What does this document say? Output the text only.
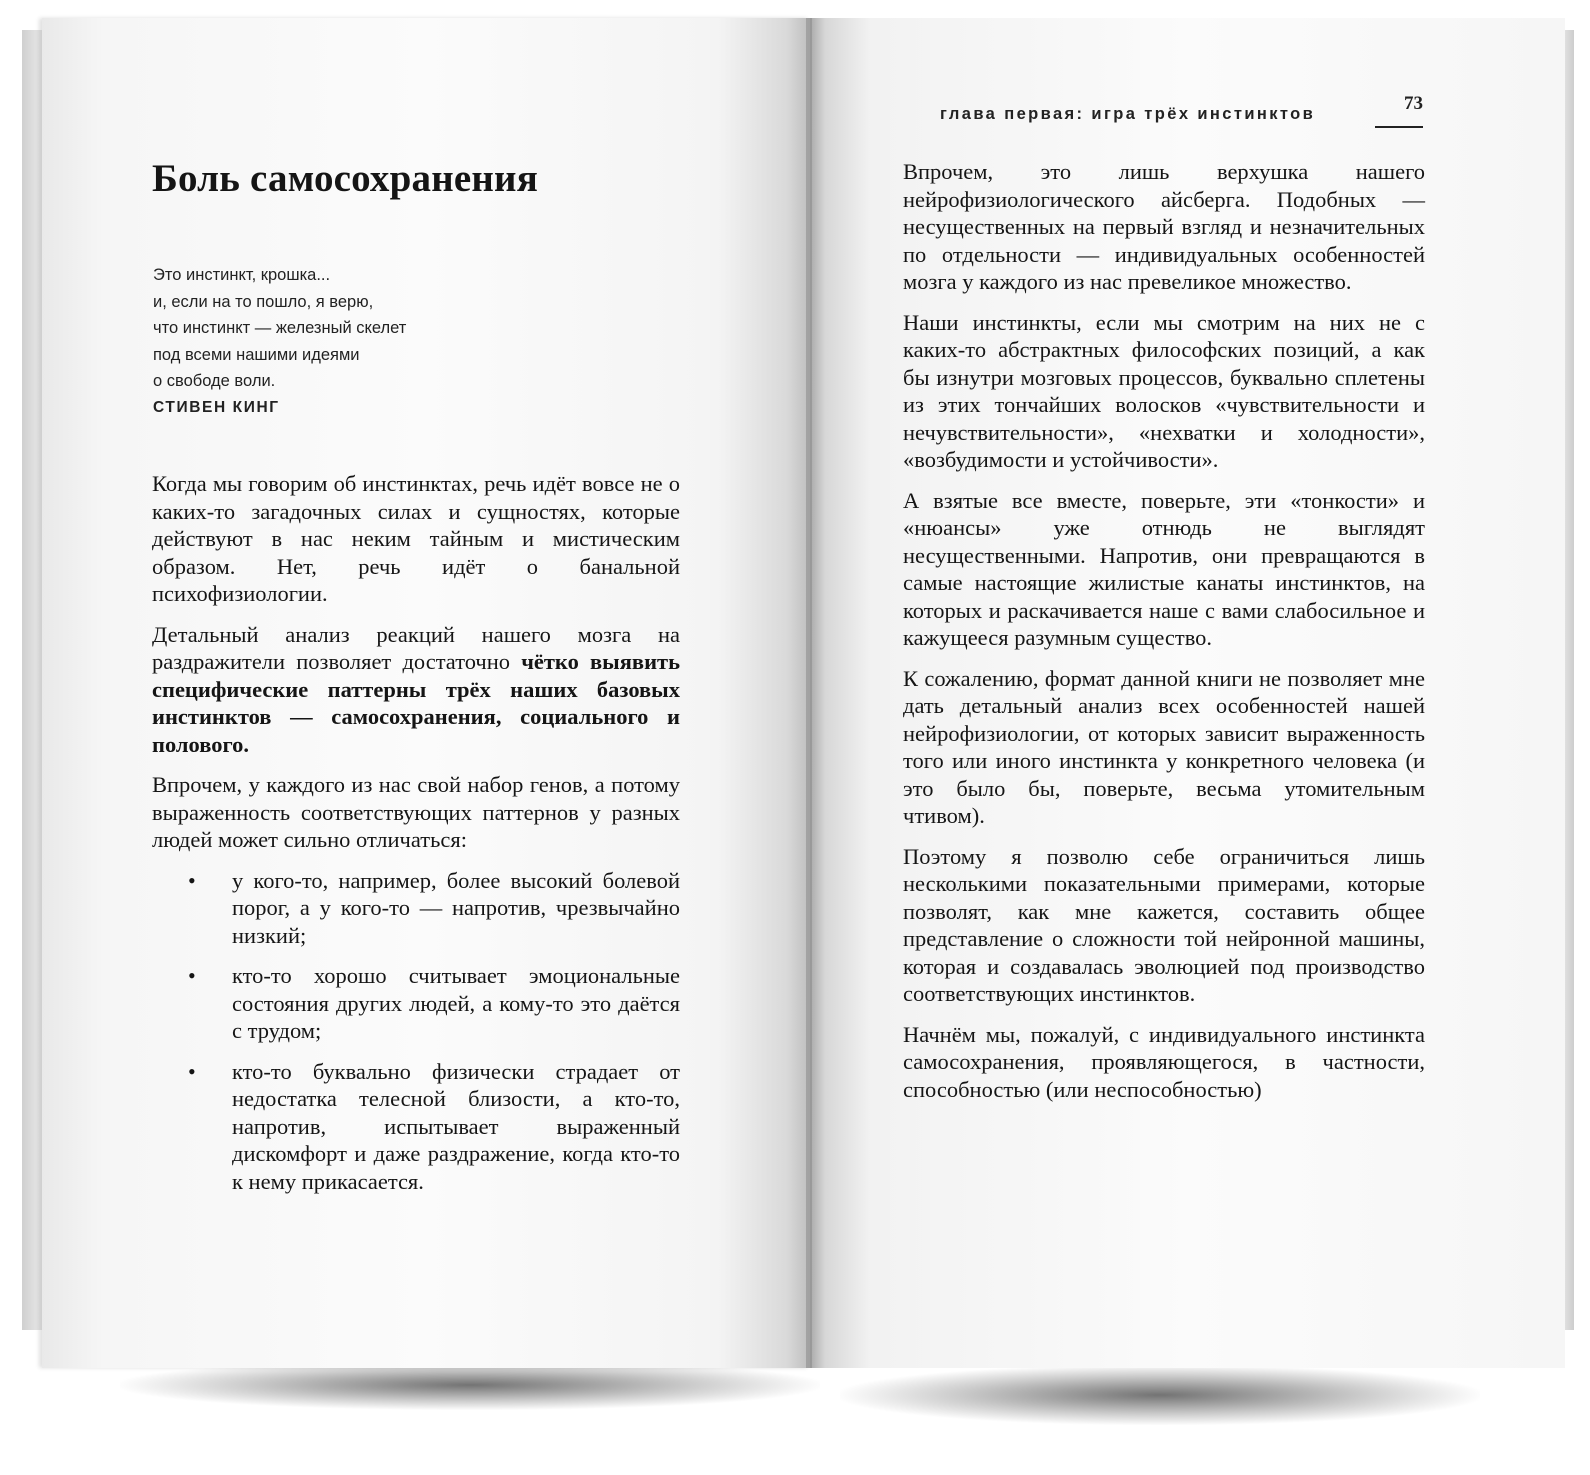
Боль самосохранения
Это инстинкт, крошка...
и, если на то пошло, я верю,
что инстинкт — железный скелет
под всеми нашими идеями
о свободе воли.
СТИВЕН КИНГ

Когда мы говорим об инстинктах, речь идёт вовсе не о каких-то загадочных силах и сущностях, которые действуют в нас неким тайным и мистическим образом. Нет, речь идёт о банальной психофизиологии.

Детальный анализ реакций нашего мозга на раздражители позволяет достаточно чётко выявить специфические паттерны трёх наших базовых инстинктов — самосохранения, социального и полового.

Впрочем, у каждого из нас свой набор генов, а потому выраженность соответствующих паттернов у разных людей может сильно отличаться:

• у кого-то, например, более высокий болевой порог, а у кого-то — напротив, чрезвычайно низкий;
• кто-то хорошо считывает эмоциональные состояния других людей, а кому-то это даётся с трудом;
• кто-то буквально физически страдает от недостатка телесной близости, а кто-то, напротив, испытывает выраженный дискомфорт и даже раздражение, когда кто-то к нему прикасается.
глава первая: игра трёх инстинктов	73

Впрочем, это лишь верхушка нашего нейрофизиологического айсберга. Подобных — несущественных на первый взгляд и незначительных по отдельности — индивидуальных особенностей мозга у каждого из нас превеликое множество.

Наши инстинкты, если мы смотрим на них не с каких-то абстрактных философских позиций, а как бы изнутри мозговых процессов, буквально сплетены из этих тончайших волосков «чувствительности и нечувствительности», «нехватки и холодности», «возбудимости и устойчивости».

А взятые все вместе, поверьте, эти «тонкости» и «нюансы» уже отнюдь не выглядят несущественными. Напротив, они превращаются в самые настоящие жилистые канаты инстинктов, на которых и раскачивается наше с вами слабосильное и кажущееся разумным существо.

К сожалению, формат данной книги не позволяет мне дать детальный анализ всех особенностей нашей нейрофизиологии, от которых зависит выраженность того или иного инстинкта у конкретного человека (и это было бы, поверьте, весьма утомительным чтивом).

Поэтому я позволю себе ограничиться лишь несколькими показательными примерами, которые позволят, как мне кажется, составить общее представление о сложности той нейронной машины, которая и создавалась эволюцией под производство соответствующих инстинктов.

Начнём мы, пожалуй, с индивидуального инстинкта самосохранения, проявляющегося, в частности, способностью (или неспособностью)
